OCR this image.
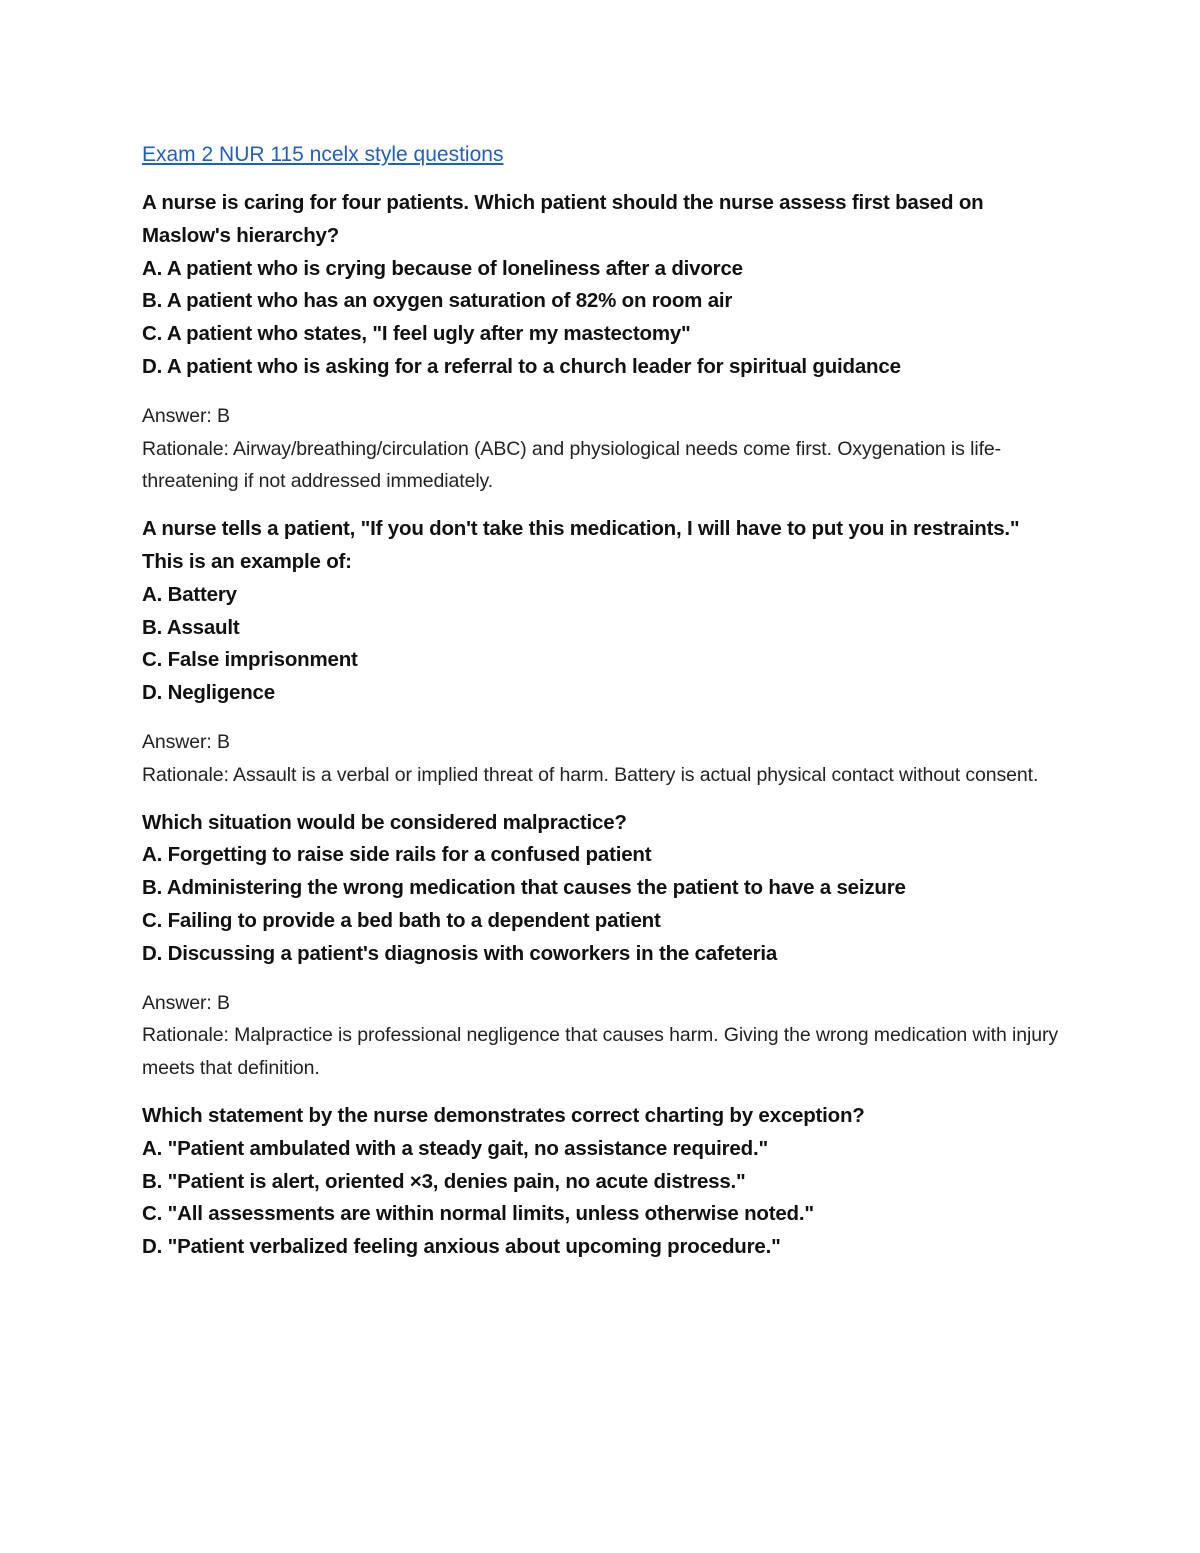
Exam 2 NUR 115 ncelx style questions
A nurse is caring for four patients. Which patient should the nurse assess first based on Maslow's hierarchy?
A. A patient who is crying because of loneliness after a divorce
B. A patient who has an oxygen saturation of 82% on room air
C. A patient who states, "I feel ugly after my mastectomy"
D. A patient who is asking for a referral to a church leader for spiritual guidance
Answer: B
Rationale: Airway/breathing/circulation (ABC) and physiological needs come first. Oxygenation is life-threatening if not addressed immediately.
A nurse tells a patient, "If you don't take this medication, I will have to put you in restraints." This is an example of:
A. Battery
B. Assault
C. False imprisonment
D. Negligence
Answer: B
Rationale: Assault is a verbal or implied threat of harm. Battery is actual physical contact without consent.
Which situation would be considered malpractice?
A. Forgetting to raise side rails for a confused patient
B. Administering the wrong medication that causes the patient to have a seizure
C. Failing to provide a bed bath to a dependent patient
D. Discussing a patient's diagnosis with coworkers in the cafeteria
Answer: B
Rationale: Malpractice is professional negligence that causes harm. Giving the wrong medication with injury meets that definition.
Which statement by the nurse demonstrates correct charting by exception?
A. "Patient ambulated with a steady gait, no assistance required."
B. "Patient is alert, oriented ×3, denies pain, no acute distress."
C. "All assessments are within normal limits, unless otherwise noted."
D. "Patient verbalized feeling anxious about upcoming procedure."
